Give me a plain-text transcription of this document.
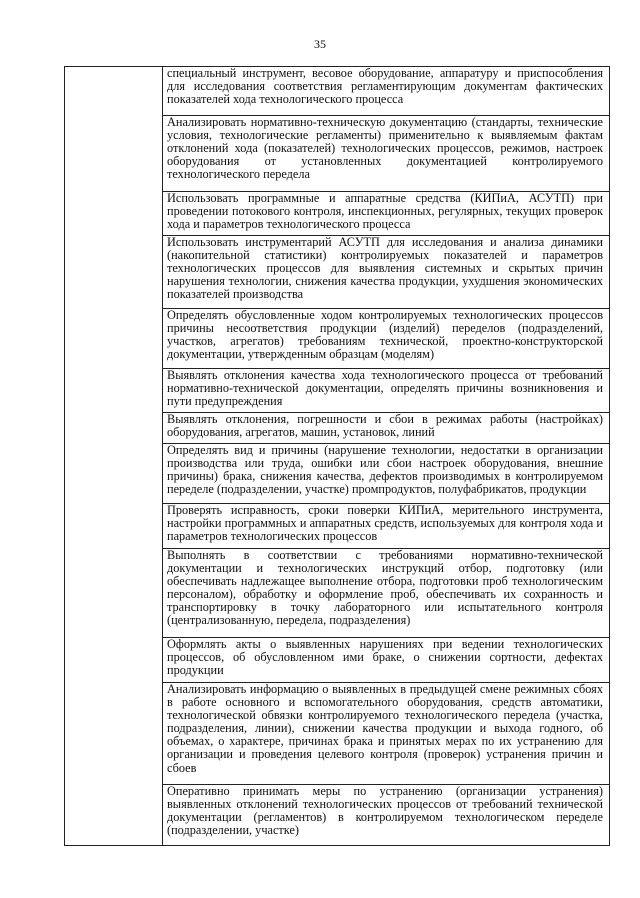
35
специальный инструмент, весовое оборудование, аппаратуру и приспособления для исследования соответствия регламентирующим документам фактических показателей хода технологического процесса
Анализировать нормативно-техническую документацию (стандарты, технические условия, технологические регламенты) применительно к выявляемым фактам отклонений хода (показателей) технологических процессов, режимов, настроек оборудования от установленных документацией контролируемого технологического передела
Использовать программные и аппаратные средства (КИПиА, АСУТП) при проведении потокового контроля, инспекционных, регулярных, текущих проверок хода и параметров технологического процесса
Использовать инструментарий АСУТП для исследования и анализа динамики (накопительной статистики) контролируемых показателей и параметров технологических процессов для выявления системных и скрытых причин нарушения технологии, снижения качества продукции, ухудшения экономических показателей производства
Определять обусловленные ходом контролируемых технологических процессов причины несоответствия продукции (изделий) переделов (подразделений, участков, агрегатов) требованиям технической, проектно-конструкторской документации, утвержденным образцам (моделям)
Выявлять отклонения качества хода технологического процесса от требований нормативно-технической документации, определять причины возникновения и пути предупреждения
Выявлять отклонения, погрешности и сбои в режимах работы (настройках) оборудования, агрегатов, машин, установок, линий
Определять вид и причины (нарушение технологии, недостатки в организации производства или труда, ошибки или сбои настроек оборудования, внешние причины) брака, снижения качества, дефектов производимых в контролируемом переделе (подразделении, участке) промпродуктов, полуфабрикатов, продукции
Проверять исправность, сроки поверки КИПиА, мерительного инструмента, настройки программных и аппаратных средств, используемых для контроля хода и параметров технологических процессов
Выполнять в соответствии с требованиями нормативно-технической документации и технологических инструкций отбор, подготовку (или обеспечивать надлежащее выполнение отбора, подготовки проб технологическим персоналом), обработку и оформление проб, обеспечивать их сохранность и транспортировку в точку лабораторного или испытательного контроля (централизованную, передела, подразделения)
Оформлять акты о выявленных нарушениях при ведении технологических процессов, об обусловленном ими браке, о снижении сортности, дефектах продукции
Анализировать информацию о выявленных в предыдущей смене режимных сбоях в работе основного и вспомогательного оборудования, средств автоматики, технологической обвязки контролируемого технологического передела (участка, подразделения, линии), снижении качества продукции и выхода годного, об объемах, о характере, причинах брака и принятых мерах по их устранению для организации и проведения целевого контроля (проверок) устранения причин и сбоев
Оперативно принимать меры по устранению (организации устранения) выявленных отклонений технологических процессов от требований технической документации (регламентов) в контролируемом технологическом переделе (подразделении, участке)
